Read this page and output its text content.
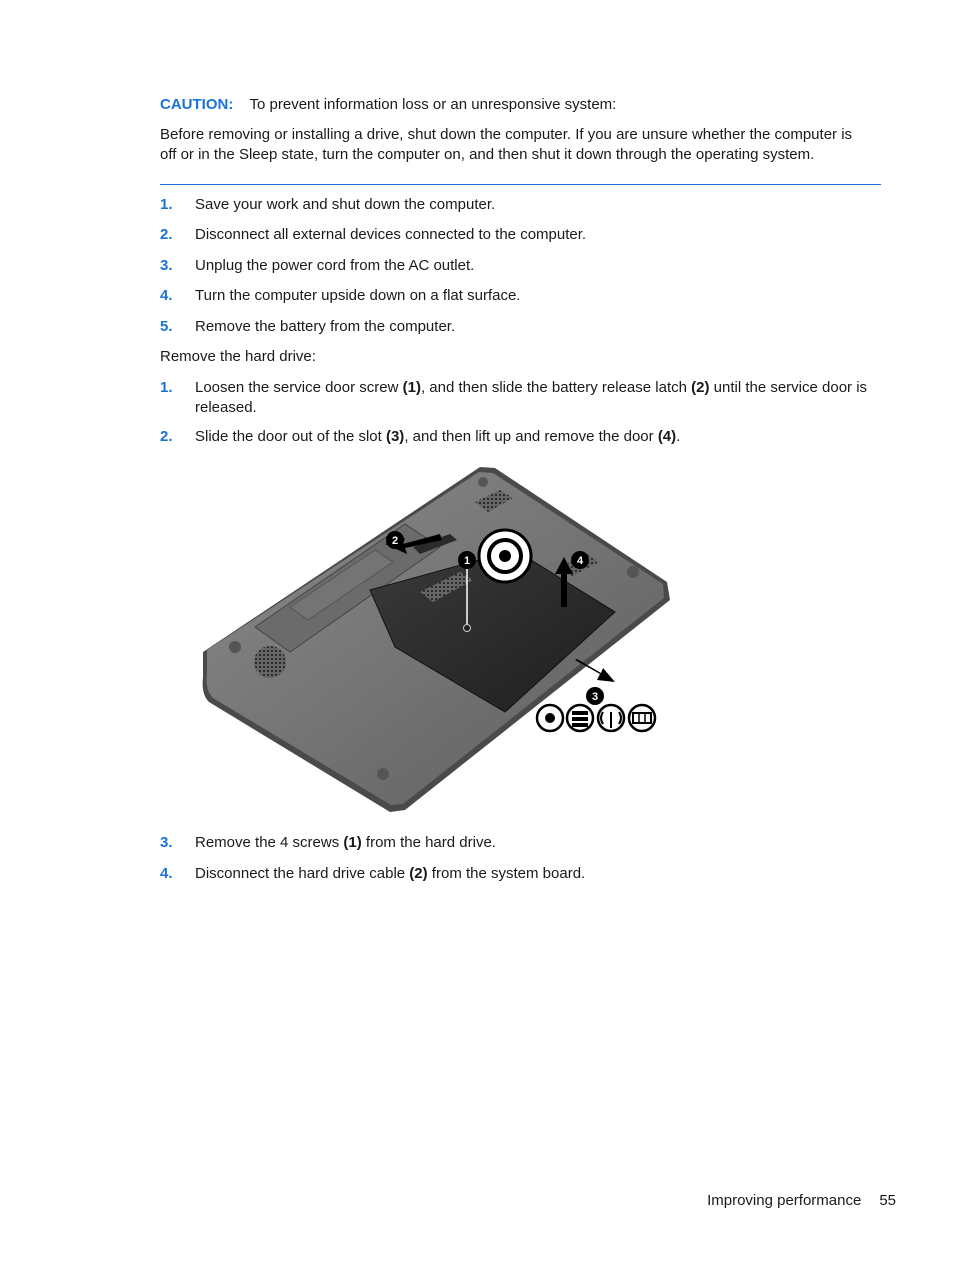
CAUTION: To prevent information loss or an unresponsive system:
Before removing or installing a drive, shut down the computer. If you are unsure whether the computer is off or in the Sleep state, turn the computer on, and then shut it down through the operating system.
1. Save your work and shut down the computer.
2. Disconnect all external devices connected to the computer.
3. Unplug the power cord from the AC outlet.
4. Turn the computer upside down on a flat surface.
5. Remove the battery from the computer.
Remove the hard drive:
1. Loosen the service door screw (1), and then slide the battery release latch (2) until the service door is released.
2. Slide the door out of the slot (3), and then lift up and remove the door (4).
2
1	4
3
3. Remove the 4 screws (1) from the hard drive.
4. Disconnect the hard drive cable (2) from the system board.
Improving performance 55
